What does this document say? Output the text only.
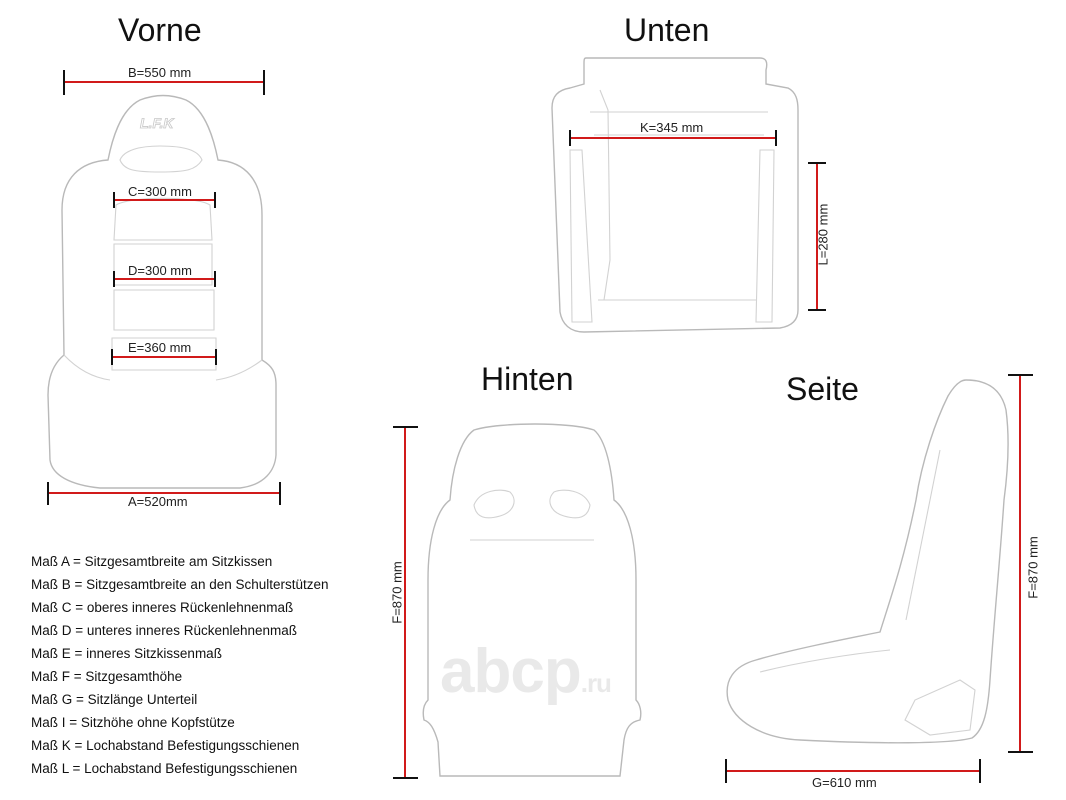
L.F.K
Vorne	Unten
Hinten	Seite
B=550 mm
C=300 mm
D=300 mm
E=360 mm
A=520mm
K=345 mm
L=280 mm
F=870 mm	F=870 mm
G=610 mm
Maß A = Sitzgesamtbreite am Sitzkissen
Maß B = Sitzgesamtbreite an den Schulterstützen
Maß C = oberes inneres Rückenlehnenmaß
Maß D = unteres inneres Rückenlehnenmaß
Maß E = inneres Sitzkissenmaß
Maß F = Sitzgesamthöhe
Maß G = Sitzlänge Unterteil
Maß I = Sitzhöhe ohne Kopfstütze
Maß K = Lochabstand Befestigungsschienen
Maß L = Lochabstand Befestigungsschienen
abcp.ru
